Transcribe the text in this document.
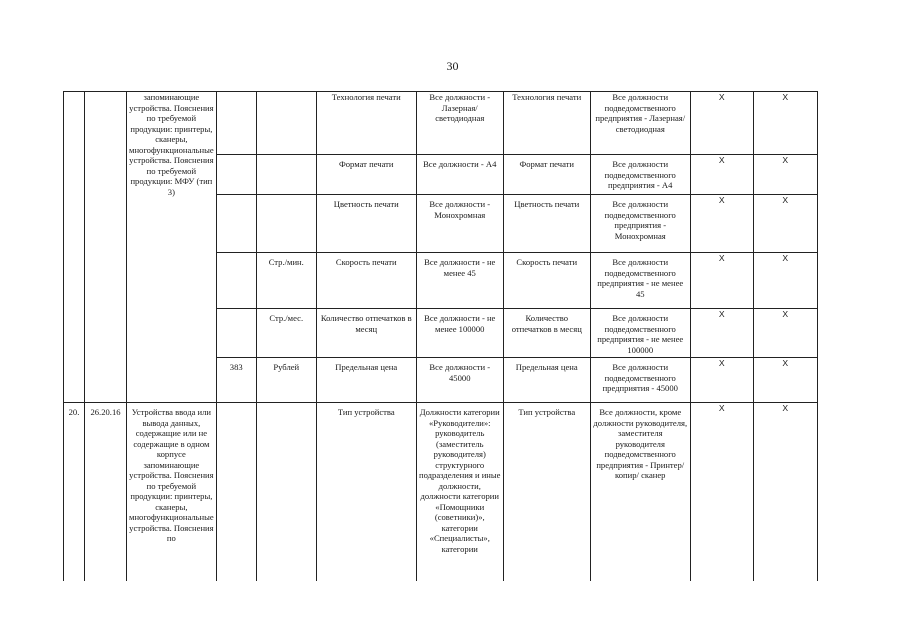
30
		запоминающие устройства. Пояснения по требуемой продукции: принтеры, сканеры, многофункциональные устройства. Пояснения по требуемой продукции: МФУ (тип 3)			Технология печати	Все должности - Лазерная/ светодиодная	Технология печати	Все должности подведомственного предприятия - Лазерная/ светодиодная	X	X
					Формат печати	Все должности - А4	Формат печати	Все должности подведомственного предприятия - А4	X	X
					Цветность печати	Все должности - Монохромная	Цветность печати	Все должности подведомственного предприятия - Монохромная	X	X
				Стр./мин.	Скорость печати	Все должности - не менее 45	Скорость печати	Все должности подведомственного предприятия - не менее 45	X	X
				Стр./мес.	Количество отпечатков в месяц	Все должности - не менее 100000	Количество отпечатков в месяц	Все должности подведомственного предприятия - не менее 100000	X	X
			383	Рублей	Предельная цена	Все должности - 45000	Предельная цена	Все должности подведомственного предприятия - 45000	X	X
20.	26.20.16	Устройства ввода или вывода данных, содержащие или не содержащие в одном корпусе запоминающие устройства. Пояснения по требуемой продукции: принтеры, сканеры, многофункциональные устройства. Пояснения по			Тип устройства	Должности категории «Руководители»: руководитель (заместитель руководителя) структурного подразделения и иные должности, должности категории «Помощники (советники)», категории «Специалисты», категории	Тип устройства	Все должности, кроме должности руководителя, заместителя руководителя подведомственного предприятия - Принтер/копир/ сканер	X	X
